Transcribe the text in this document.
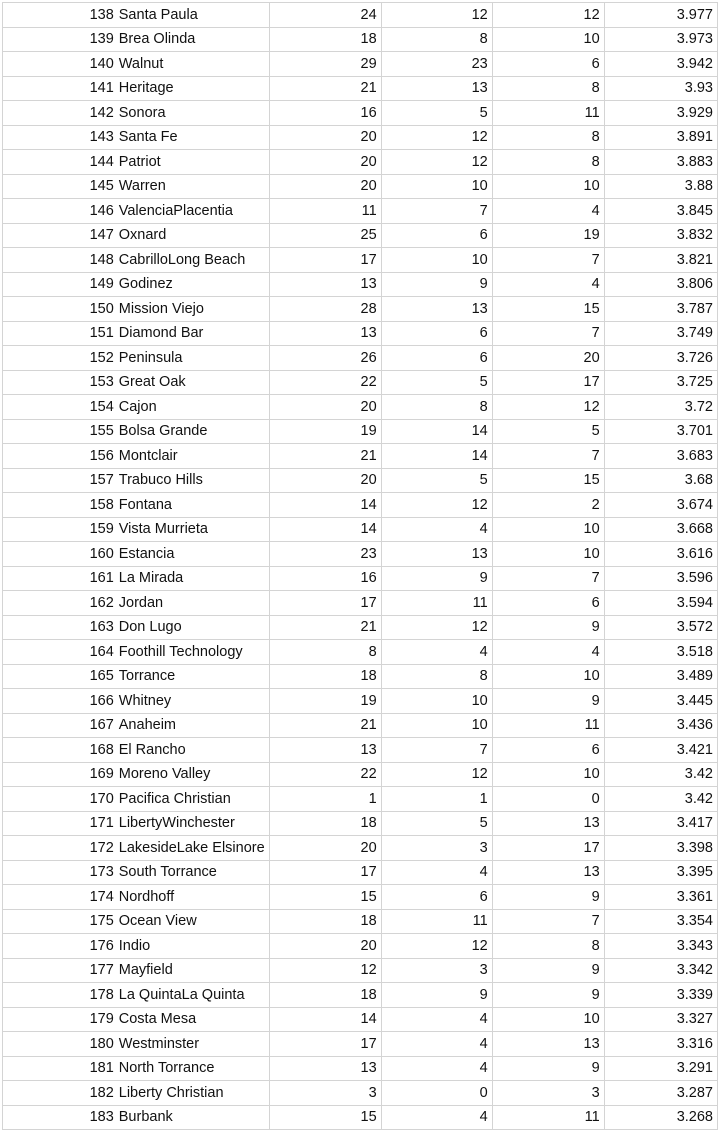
138	Santa Paula	24	12	12	3.977
139	Brea Olinda	18	8	10	3.973
140	Walnut	29	23	6	3.942
141	Heritage	21	13	8	3.93
142	Sonora	16	5	11	3.929
143	Santa Fe	20	12	8	3.891
144	Patriot	20	12	8	3.883
145	Warren	20	10	10	3.88
146	ValenciaPlacentia	11	7	4	3.845
147	Oxnard	25	6	19	3.832
148	CabrilloLong Beach	17	10	7	3.821
149	Godinez	13	9	4	3.806
150	Mission Viejo	28	13	15	3.787
151	Diamond Bar	13	6	7	3.749
152	Peninsula	26	6	20	3.726
153	Great Oak	22	5	17	3.725
154	Cajon	20	8	12	3.72
155	Bolsa Grande	19	14	5	3.701
156	Montclair	21	14	7	3.683
157	Trabuco Hills	20	5	15	3.68
158	Fontana	14	12	2	3.674
159	Vista Murrieta	14	4	10	3.668
160	Estancia	23	13	10	3.616
161	La Mirada	16	9	7	3.596
162	Jordan	17	11	6	3.594
163	Don Lugo	21	12	9	3.572
164	Foothill Technology	8	4	4	3.518
165	Torrance	18	8	10	3.489
166	Whitney	19	10	9	3.445
167	Anaheim	21	10	11	3.436
168	El Rancho	13	7	6	3.421
169	Moreno Valley	22	12	10	3.42
170	Pacifica Christian	1	1	0	3.42
171	LibertyWinchester	18	5	13	3.417
172	LakesideLake Elsinore	20	3	17	3.398
173	South Torrance	17	4	13	3.395
174	Nordhoff	15	6	9	3.361
175	Ocean View	18	11	7	3.354
176	Indio	20	12	8	3.343
177	Mayfield	12	3	9	3.342
178	La QuintaLa Quinta	18	9	9	3.339
179	Costa Mesa	14	4	10	3.327
180	Westminster	17	4	13	3.316
181	North Torrance	13	4	9	3.291
182	Liberty Christian	3	0	3	3.287
183	Burbank	15	4	11	3.268
